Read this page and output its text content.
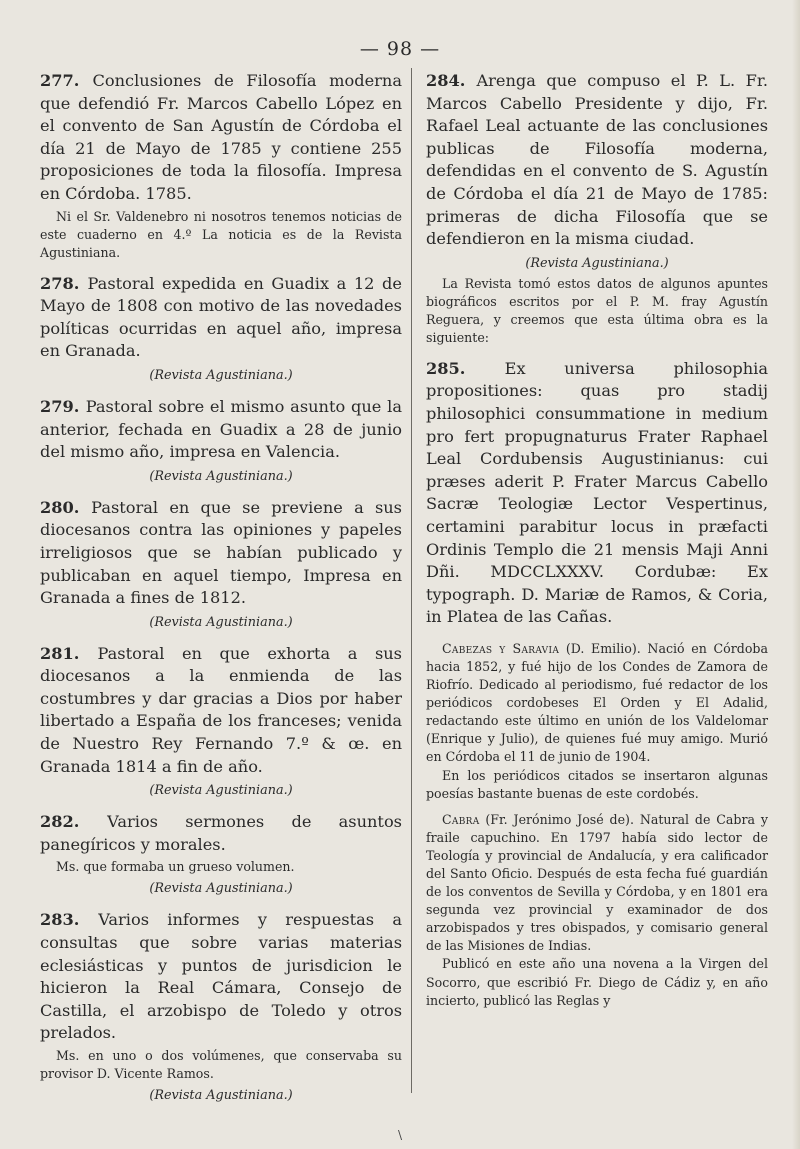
— 98 —

277 . Conclusiones de Filosofía moderna que defendió Fr. Marcos Cabello López en el convento de San Agustín de Córdoba el día 21 de Mayo de 1785 y contiene 255 proposiciones de toda la filosofía. Impresa en Córdoba. 1785.

Ni el Sr. Valdenebro ni nosotros tenemos noticias de este cuaderno en 4.º La noticia es de la Revista Agustiniana.

278 . Pastoral expedida en Guadix a 12 de Mayo de 1808 con motivo de las novedades políticas ocurridas en aquel año, impresa en Granada.

( Revista Agustiniana. )

279 . Pastoral sobre el mismo asunto que la anterior, fechada en Guadix a 28 de junio del mismo año, impresa en Valencia.

( Revista Agustiniana. )

280 . Pastoral en que se previene a sus diocesanos contra las opiniones y papeles irreligiosos que se habían publicado y publicaban en aquel tiempo, Impresa en Granada a fines de 1812.

( Revista Agustiniana. )

281 . Pastoral en que exhorta a sus diocesanos a la enmienda de las costumbres y dar gracias a Dios por haber libertado a España de los franceses; venida de Nuestro Rey Fernando 7.º & œ. en Granada 1814 a fin de año.

( Revista Agustiniana. )

282 . Varios sermones de asuntos panegíricos y morales.

Ms. que formaba un grueso volumen.

( Revista Agustiniana. )

283 . Varios informes y respuestas a consultas que sobre varias materias eclesiásticas y puntos de jurisdicion le hicieron la Real Cámara, Consejo de Castilla, el arzobispo de Toledo y otros prelados.

Ms. en uno o dos volúmenes, que conservaba su provisor D. Vicente Ramos.

( Revista Agustiniana. )

284 . Arenga que compuso el P. L. Fr. Marcos Cabello Presidente y dijo, Fr. Rafael Leal actuante de las conclusiones publicas de Filosofía moderna, defendidas en el convento de S. Agustín de Córdoba el día 21 de Mayo de 1785: primeras de dicha Filosofía que se defendieron en la misma ciudad.

( Revista Agustiniana. )

La Revista tomó estos datos de algunos apuntes biográficos escritos por el P. M. fray Agustín Reguera, y creemos que esta última obra es la siguiente:

285 .	Ex universa philosophia propositiones: quas pro stadij philosophici consummatione in medium pro fert propugnaturus Frater Raphael Leal Cordubensis Augustinianus: cui præses aderit P. Frater Marcus Cabello Sacræ Teologiæ Lector Vespertinus, certamini parabitur locus in præfacti Ordinis Templo die 21 mensis Maji Anni Dñi. MDCCLXXXV. Cordubæ: Ex typograph. D. Mariæ de Ramos, & Coria, in Platea de las Cañas.

Cabezas y Saravia (D. Emilio). Nació en Córdoba hacia 1852, y fué hijo de los Condes de Zamora de Riofrío. Dedicado al periodismo, fué redactor de los periódicos cordobeses El Orden y El Adalid, redactando este último en unión de los Valdelomar (Enrique y Julio), de quienes fué muy amigo. Murió en Córdoba el 11 de junio de 1904.

En los periódicos citados se insertaron algunas poesías bastante buenas de este cordobés.

Cabra (Fr. Jerónimo José de). Natural de Cabra y fraile capuchino. En 1797 había sido lector de Teología y provincial de Andalucía, y era calificador del Santo Oficio. Después de esta fecha fué guardián de los conventos de Sevilla y Córdoba, y en 1801 era segunda vez provincial y examinador de dos arzobispados y tres obispados, y comisario general de las Misiones de Indias.

Publicó en este año una novena a la Virgen del Socorro, que escribió Fr. Diego de Cádiz y, en año incierto, publicó las Reglas y

\
